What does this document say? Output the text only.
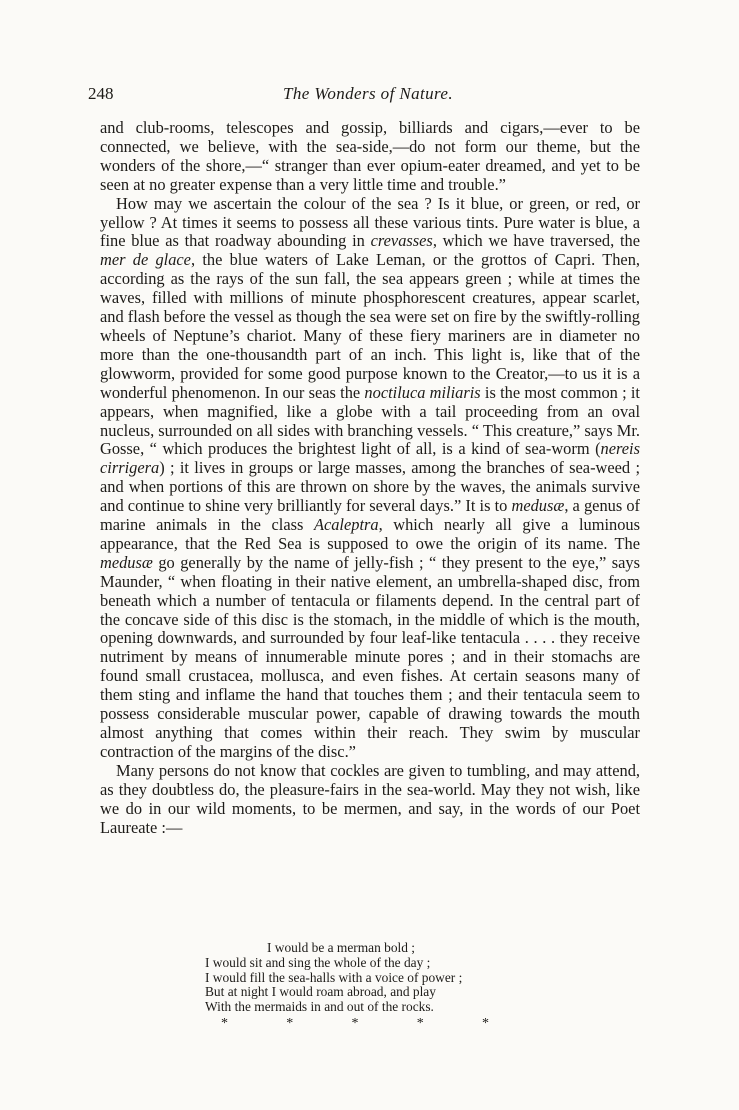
248	The Wonders of Nature.

and club-rooms, telescopes and gossip, billiards and cigars,—ever to be connected, we believe, with the sea-side,—do not form our theme, but the wonders of the shore,—“ stranger than ever opium-eater dreamed, and yet to be seen at no greater expense than a very little time and trouble.”

How may we ascertain the colour of the sea ? Is it blue, or green, or red, or yellow ? At times it seems to possess all these various tints. Pure water is blue, a fine blue as that roadway abounding in crevasses, which we have traversed, the mer de glace, the blue waters of Lake Leman, or the grottos of Capri. Then, according as the rays of the sun fall, the sea appears green ; while at times the waves, filled with millions of minute phosphorescent creatures, appear scarlet, and flash before the vessel as though the sea were set on fire by the swiftly-rolling wheels of Neptune’s chariot. Many of these fiery mariners are in diameter no more than the one-thousandth part of an inch. This light is, like that of the glowworm, provided for some good purpose known to the Creator,—to us it is a wonderful phenomenon. In our seas the noctiluca miliaris is the most common ; it appears, when magnified, like a globe with a tail proceeding from an oval nucleus, surrounded on all sides with branching vessels. “ This creature,” says Mr. Gosse, “ which produces the brightest light of all, is a kind of sea-worm (nereis cirrigera) ; it lives in groups or large masses, among the branches of sea-weed ; and when portions of this are thrown on shore by the waves, the animals survive and continue to shine very brilliantly for several days.” It is to medusæ, a genus of marine animals in the class Acaleptra, which nearly all give a luminous appearance, that the Red Sea is supposed to owe the origin of its name. The medusæ go generally by the name of jelly-fish ; “ they present to the eye,” says Maunder, “ when floating in their native element, an umbrella-shaped disc, from beneath which a number of tentacula or filaments depend. In the central part of the concave side of this disc is the stomach, in the middle of which is the mouth, opening downwards, and surrounded by four leaf-like tentacula . . . . they receive nutriment by means of innumerable minute pores ; and in their stomachs are found small crustacea, mollusca, and even fishes. At certain seasons many of them sting and inflame the hand that touches them ; and their tentacula seem to possess considerable muscular power, capable of drawing towards the mouth almost anything that comes within their reach. They swim by muscular contraction of the margins of the disc.”

Many persons do not know that cockles are given to tumbling, and may attend, as they doubtless do, the pleasure-fairs in the sea-world. May they not wish, like we do in our wild moments, to be mermen, and say, in the words of our Poet Laureate :—

I would be a merman bold ;
I would sit and sing the whole of the day ;
I would fill the sea-halls with a voice of power ;
But at night I would roam abroad, and play
With the mermaids in and out of the rocks.
*	*	*	*	*
